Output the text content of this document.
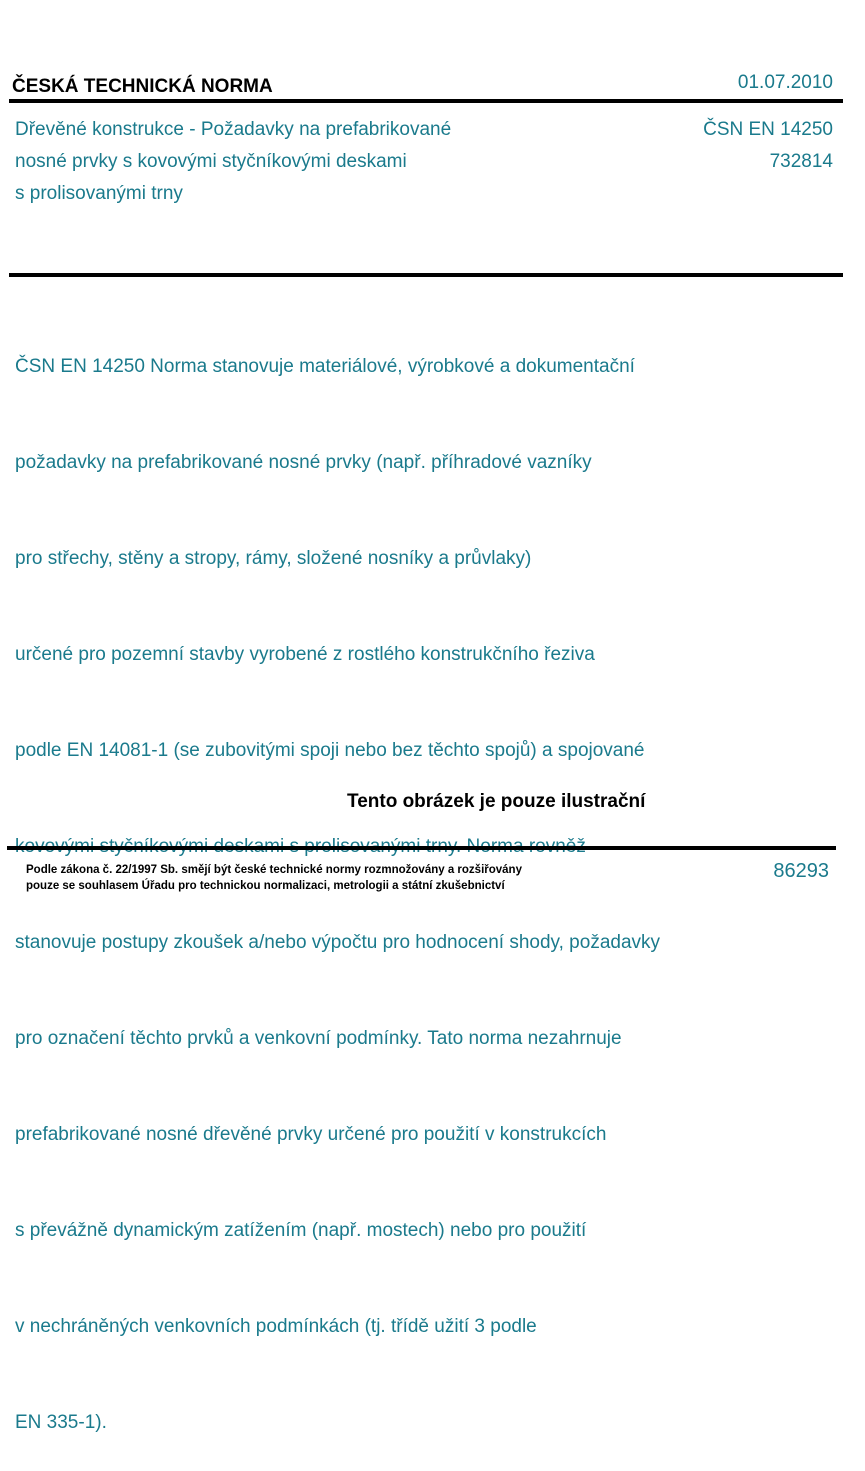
ČESKÁ TECHNICKÁ NORMA	01.07.2010
Dřevěné konstrukce - Požadavky na prefabrikované
nosné prvky s kovovými styčníkovými deskami
s prolisovanými trny
ČSN EN 14250
732814

ČSN EN 14250 Norma stanovuje materiálové, výrobkové a dokumentační

požadavky na prefabrikované nosné prvky (např. příhradové vazníky

pro střechy, stěny a stropy, rámy, složené nosníky a průvlaky)

určené pro pozemní stavby vyrobené z rostlého konstrukčního řeziva

podle EN 14081-1 (se zubovitými spoji nebo bez těchto spojů) a spojované

stanovuje postupy zkoušek a/nebo výpočtu pro hodnocení shody, požadavky

pro označení těchto prvků a venkovní podmínky. Tato norma nezahrnuje

prefabrikované nosné dřevěné prvky určené pro použití v konstrukcích

s převážně dynamickým zatížením (např. mostech) nebo pro použití

v nechráněných venkovních podmínkách (tj. třídě užití 3 podle

EN 335-1).

Tento obrázek je pouze ilustrační
Podle zákona č. 22/1997 Sb. smějí být české technické normy rozmnožovány a rozšiřovány
pouze se souhlasem Úřadu pro technickou normalizaci, metrologii a státní zkušebnictví
86293
